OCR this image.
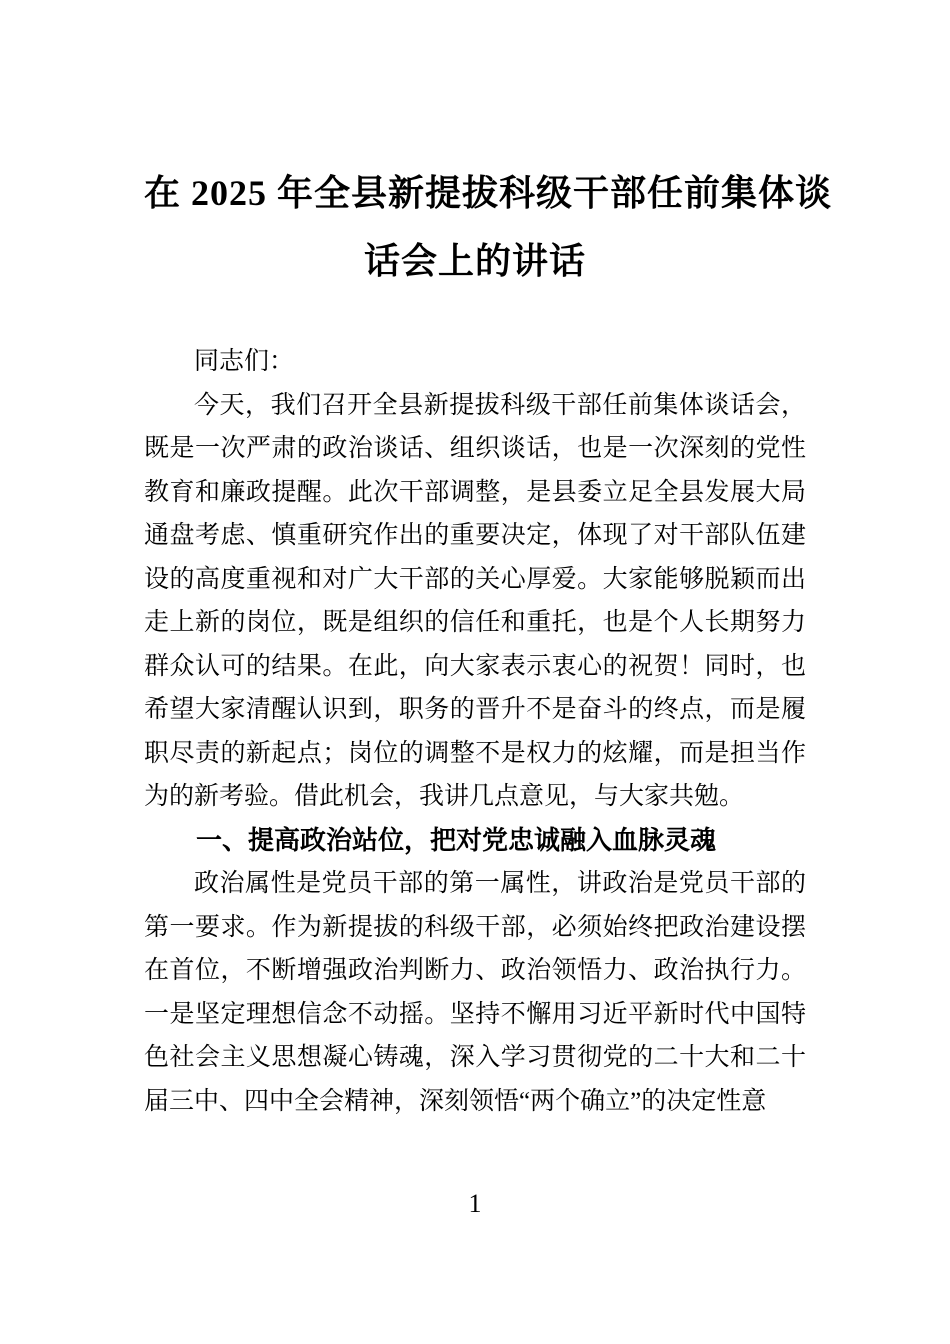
在 2025 年全县新提拔科级干部任前集体谈
话会上的讲话
同志们：
今天，我们召开全县新提拔科级干部任前集体谈话会，既是一次严肃的政治谈话、组织谈话，也是一次深刻的党性教育和廉政提醒。此次干部调整，是县委立足全县发展大局通盘考虑、慎重研究作出的重要决定，体现了对干部队伍建设的高度重视和对广大干部的关心厚爱。大家能够脱颖而出走上新的岗位，既是组织的信任和重托，也是个人长期努力群众认可的结果。在此，向大家表示衷心的祝贺！同时，也希望大家清醒认识到，职务的晋升不是奋斗的终点，而是履职尽责的新起点；岗位的调整不是权力的炫耀，而是担当作为的新考验。借此机会，我讲几点意见，与大家共勉。
一、提高政治站位，把对党忠诚融入血脉灵魂
政治属性是党员干部的第一属性，讲政治是党员干部的第一要求。作为新提拔的科级干部，必须始终把政治建设摆在首位，不断增强政治判断力、政治领悟力、政治执行力。一是坚定理想信念不动摇。坚持不懈用习近平新时代中国特色社会主义思想凝心铸魂，深入学习贯彻党的二十大和二十届三中、四中全会精神，深刻领悟“两个确立”的决定性意
1
